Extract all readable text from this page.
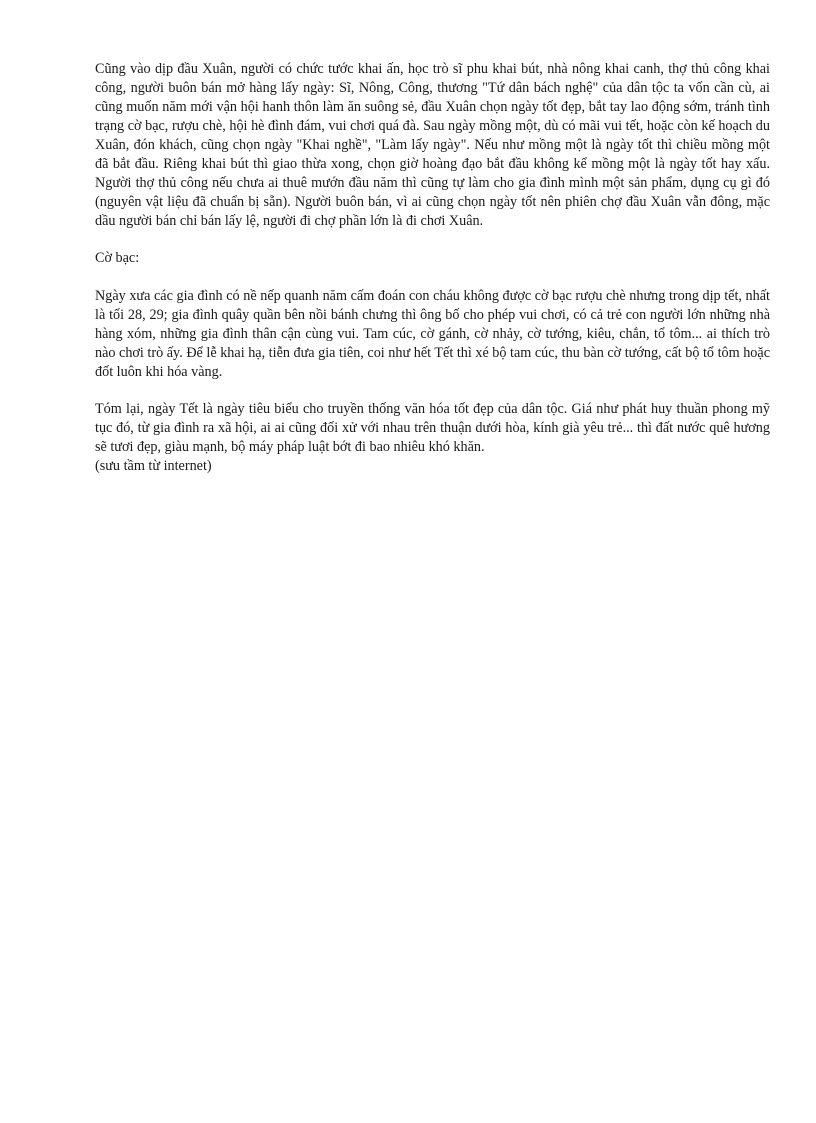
Cũng vào dịp đầu Xuân, người có chức tước khai ấn, học trò sĩ phu khai bút, nhà nông khai canh, thợ thủ công khai công, người buôn bán mở hàng lấy ngày: Sĩ, Nông, Công, thương "Tứ dân bách nghệ" của dân tộc ta vốn cần cù, ai cũng muốn năm mới vận hội hanh thôn làm ăn suông sẻ, đầu Xuân chọn ngày tốt đẹp, bắt tay lao động sớm, tránh tình trạng cờ bạc, rượu chè, hội hè đình đám, vui chơi quá đà. Sau ngày mồng một, dù có mãi vui tết, hoặc còn kế hoạch du Xuân, đón khách, cũng chọn ngày "Khai nghề", "Làm lấy ngày". Nếu như mồng một là ngày tốt thì chiều mồng một đã bắt đầu. Riêng khai bút thì giao thừa xong, chọn giờ hoàng đạo bắt đầu không kể mồng một là ngày tốt hay xấu. Người thợ thủ công nếu chưa ai thuê mướn đầu năm thì cũng tự làm cho gia đình mình một sản phẩm, dụng cụ gì đó (nguyên vật liệu đã chuẩn bị sẵn). Người buôn bán, vì ai cũng chọn ngày tốt nên phiên chợ đầu Xuân vẫn đông, mặc dầu người bán chỉ bán lấy lệ, người đi chợ phần lớn là đi chơi Xuân.

Cờ bạc:

Ngày xưa các gia đình có nề nếp quanh năm cấm đoán con cháu không được cờ bạc rượu chè nhưng trong dịp tết, nhất là tối 28, 29; gia đình quây quần bên nồi bánh chưng thì ông bố cho phép vui chơi, có cả trẻ con người lớn những nhà hàng xóm, những gia đình thân cận cùng vui. Tam cúc, cờ gánh, cờ nhảy, cờ tướng, kiêu, chắn, tổ tôm... ai thích trò nào chơi trò ấy. Để lễ khai hạ, tiễn đưa gia tiên, coi như hết Tết thì xé bộ tam cúc, thu bàn cờ tướng, cất bộ tổ tôm hoặc đốt luôn khi hóa vàng.

Tóm lại, ngày Tết là ngày tiêu biểu cho truyền thống văn hóa tốt đẹp của dân tộc. Giá như phát huy thuần phong mỹ tục đó, từ gia đình ra xã hội, ai ai cũng đối xử với nhau trên thuận dưới hòa, kính già yêu trẻ... thì đất nước quê hương sẽ tươi đẹp, giàu mạnh, bộ máy pháp luật bớt đi bao nhiêu khó khăn.
(sưu tầm từ internet)
